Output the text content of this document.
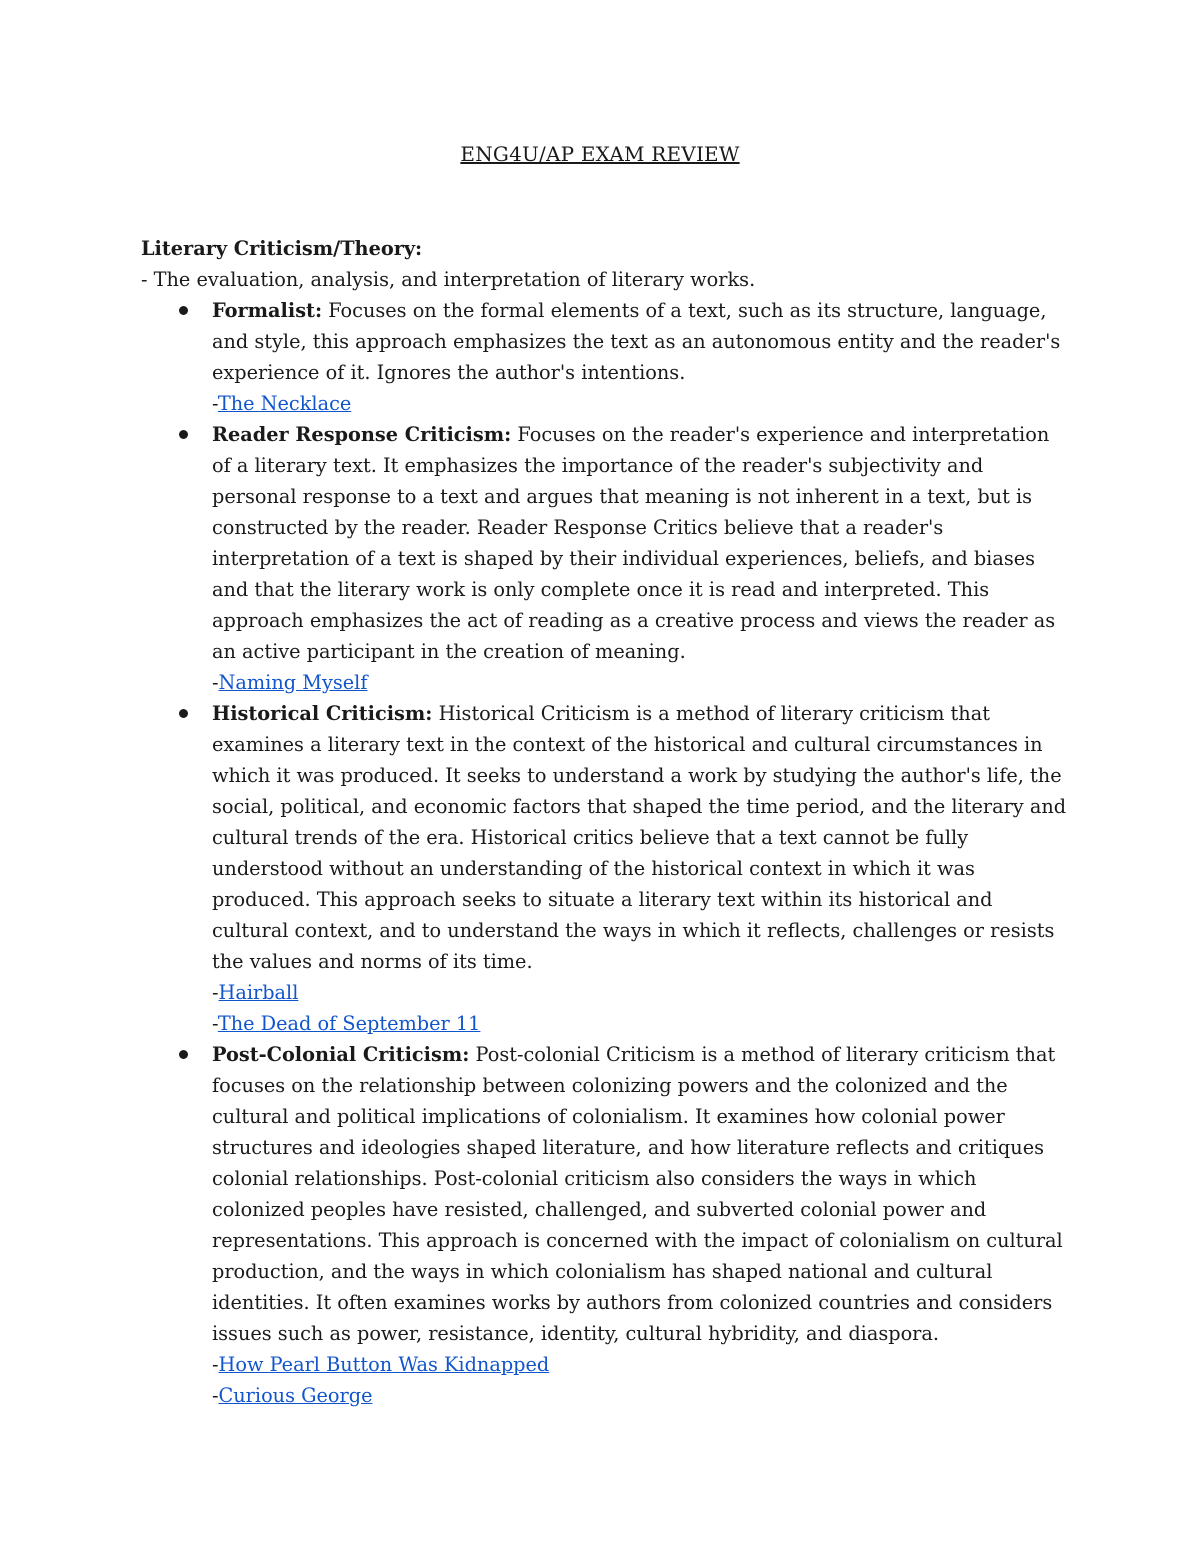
ENG4U/AP EXAM REVIEW

Literary Criticism/Theory:

- The evaluation, analysis, and interpretation of literary works.

Formalist: Focuses on the formal elements of a text, such as its structure, language, and style, this approach emphasizes the text as an autonomous entity and the reader's experience of it. Ignores the author's intentions.
-The Necklace
Reader Response Criticism: Focuses on the reader's experience and interpretation of a literary text. It emphasizes the importance of the reader's subjectivity and personal response to a text and argues that meaning is not inherent in a text, but is constructed by the reader. Reader Response Critics believe that a reader's interpretation of a text is shaped by their individual experiences, beliefs, and biases and that the literary work is only complete once it is read and interpreted. This approach emphasizes the act of reading as a creative process and views the reader as an active participant in the creation of meaning.
-Naming Myself
Historical Criticism: Historical Criticism is a method of literary criticism that examines a literary text in the context of the historical and cultural circumstances in which it was produced. It seeks to understand a work by studying the author's life, the social, political, and economic factors that shaped the time period, and the literary and cultural trends of the era. Historical critics believe that a text cannot be fully understood without an understanding of the historical context in which it was produced. This approach seeks to situate a literary text within its historical and cultural context, and to understand the ways in which it reflects, challenges or resists the values and norms of its time.
-Hairball
-The Dead of September 11
Post-Colonial Criticism: Post-colonial Criticism is a method of literary criticism that focuses on the relationship between colonizing powers and the colonized and the cultural and political implications of colonialism. It examines how colonial power structures and ideologies shaped literature, and how literature reflects and critiques colonial relationships. Post-colonial criticism also considers the ways in which colonized peoples have resisted, challenged, and subverted colonial power and representations. This approach is concerned with the impact of colonialism on cultural production, and the ways in which colonialism has shaped national and cultural identities. It often examines works by authors from colonized countries and considers issues such as power, resistance, identity, cultural hybridity, and diaspora.
-How Pearl Button Was Kidnapped
-Curious George
